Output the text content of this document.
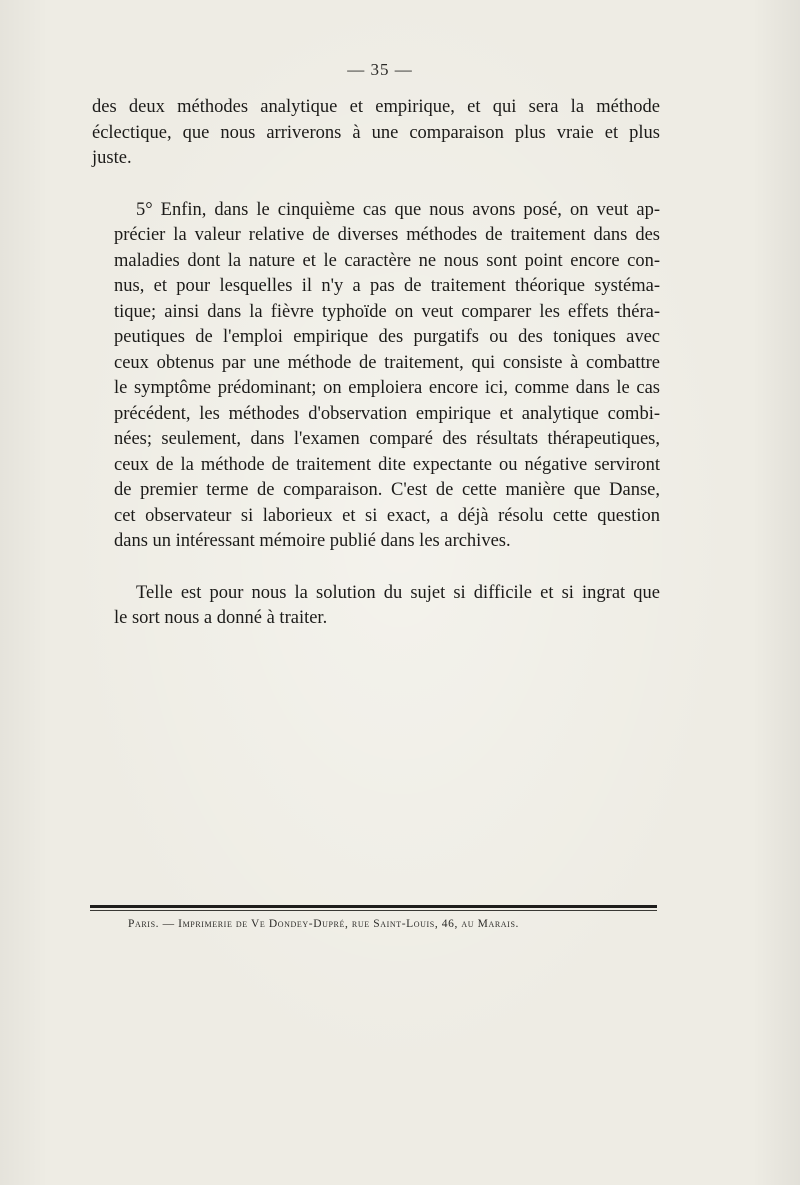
— 35 —
des deux méthodes analytique et empirique, et qui sera la méthode
éclectique, que nous arriverons à une comparaison plus vraie et plus
juste.
5° Enfin, dans le cinquième cas que nous avons posé, on veut ap-
précier la valeur relative de diverses méthodes de traitement dans des
maladies dont la nature et le caractère ne nous sont point encore con-
nus, et pour lesquelles il n'y a pas de traitement théorique systéma-
tique; ainsi dans la fièvre typhoïde on veut comparer les effets théra-
peutiques de l'emploi empirique des purgatifs ou des toniques avec
ceux obtenus par une méthode de traitement, qui consiste à combattre
le symptôme prédominant; on emploiera encore ici, comme dans le cas
précédent, les méthodes d'observation empirique et analytique combi-
nées; seulement, dans l'examen comparé des résultats thérapeutiques,
ceux de la méthode de traitement dite expectante ou négative serviront
de premier terme de comparaison. C'est de cette manière que Danse,
cet observateur si laborieux et si exact, a déjà résolu cette question
dans un intéressant mémoire publié dans les archives.
Telle est pour nous la solution du sujet si difficile et si ingrat que
le sort nous a donné à traiter.
Paris. — Imprimerie de Ve Dondey-Dupré, rue Saint-Louis, 46, au Marais.
